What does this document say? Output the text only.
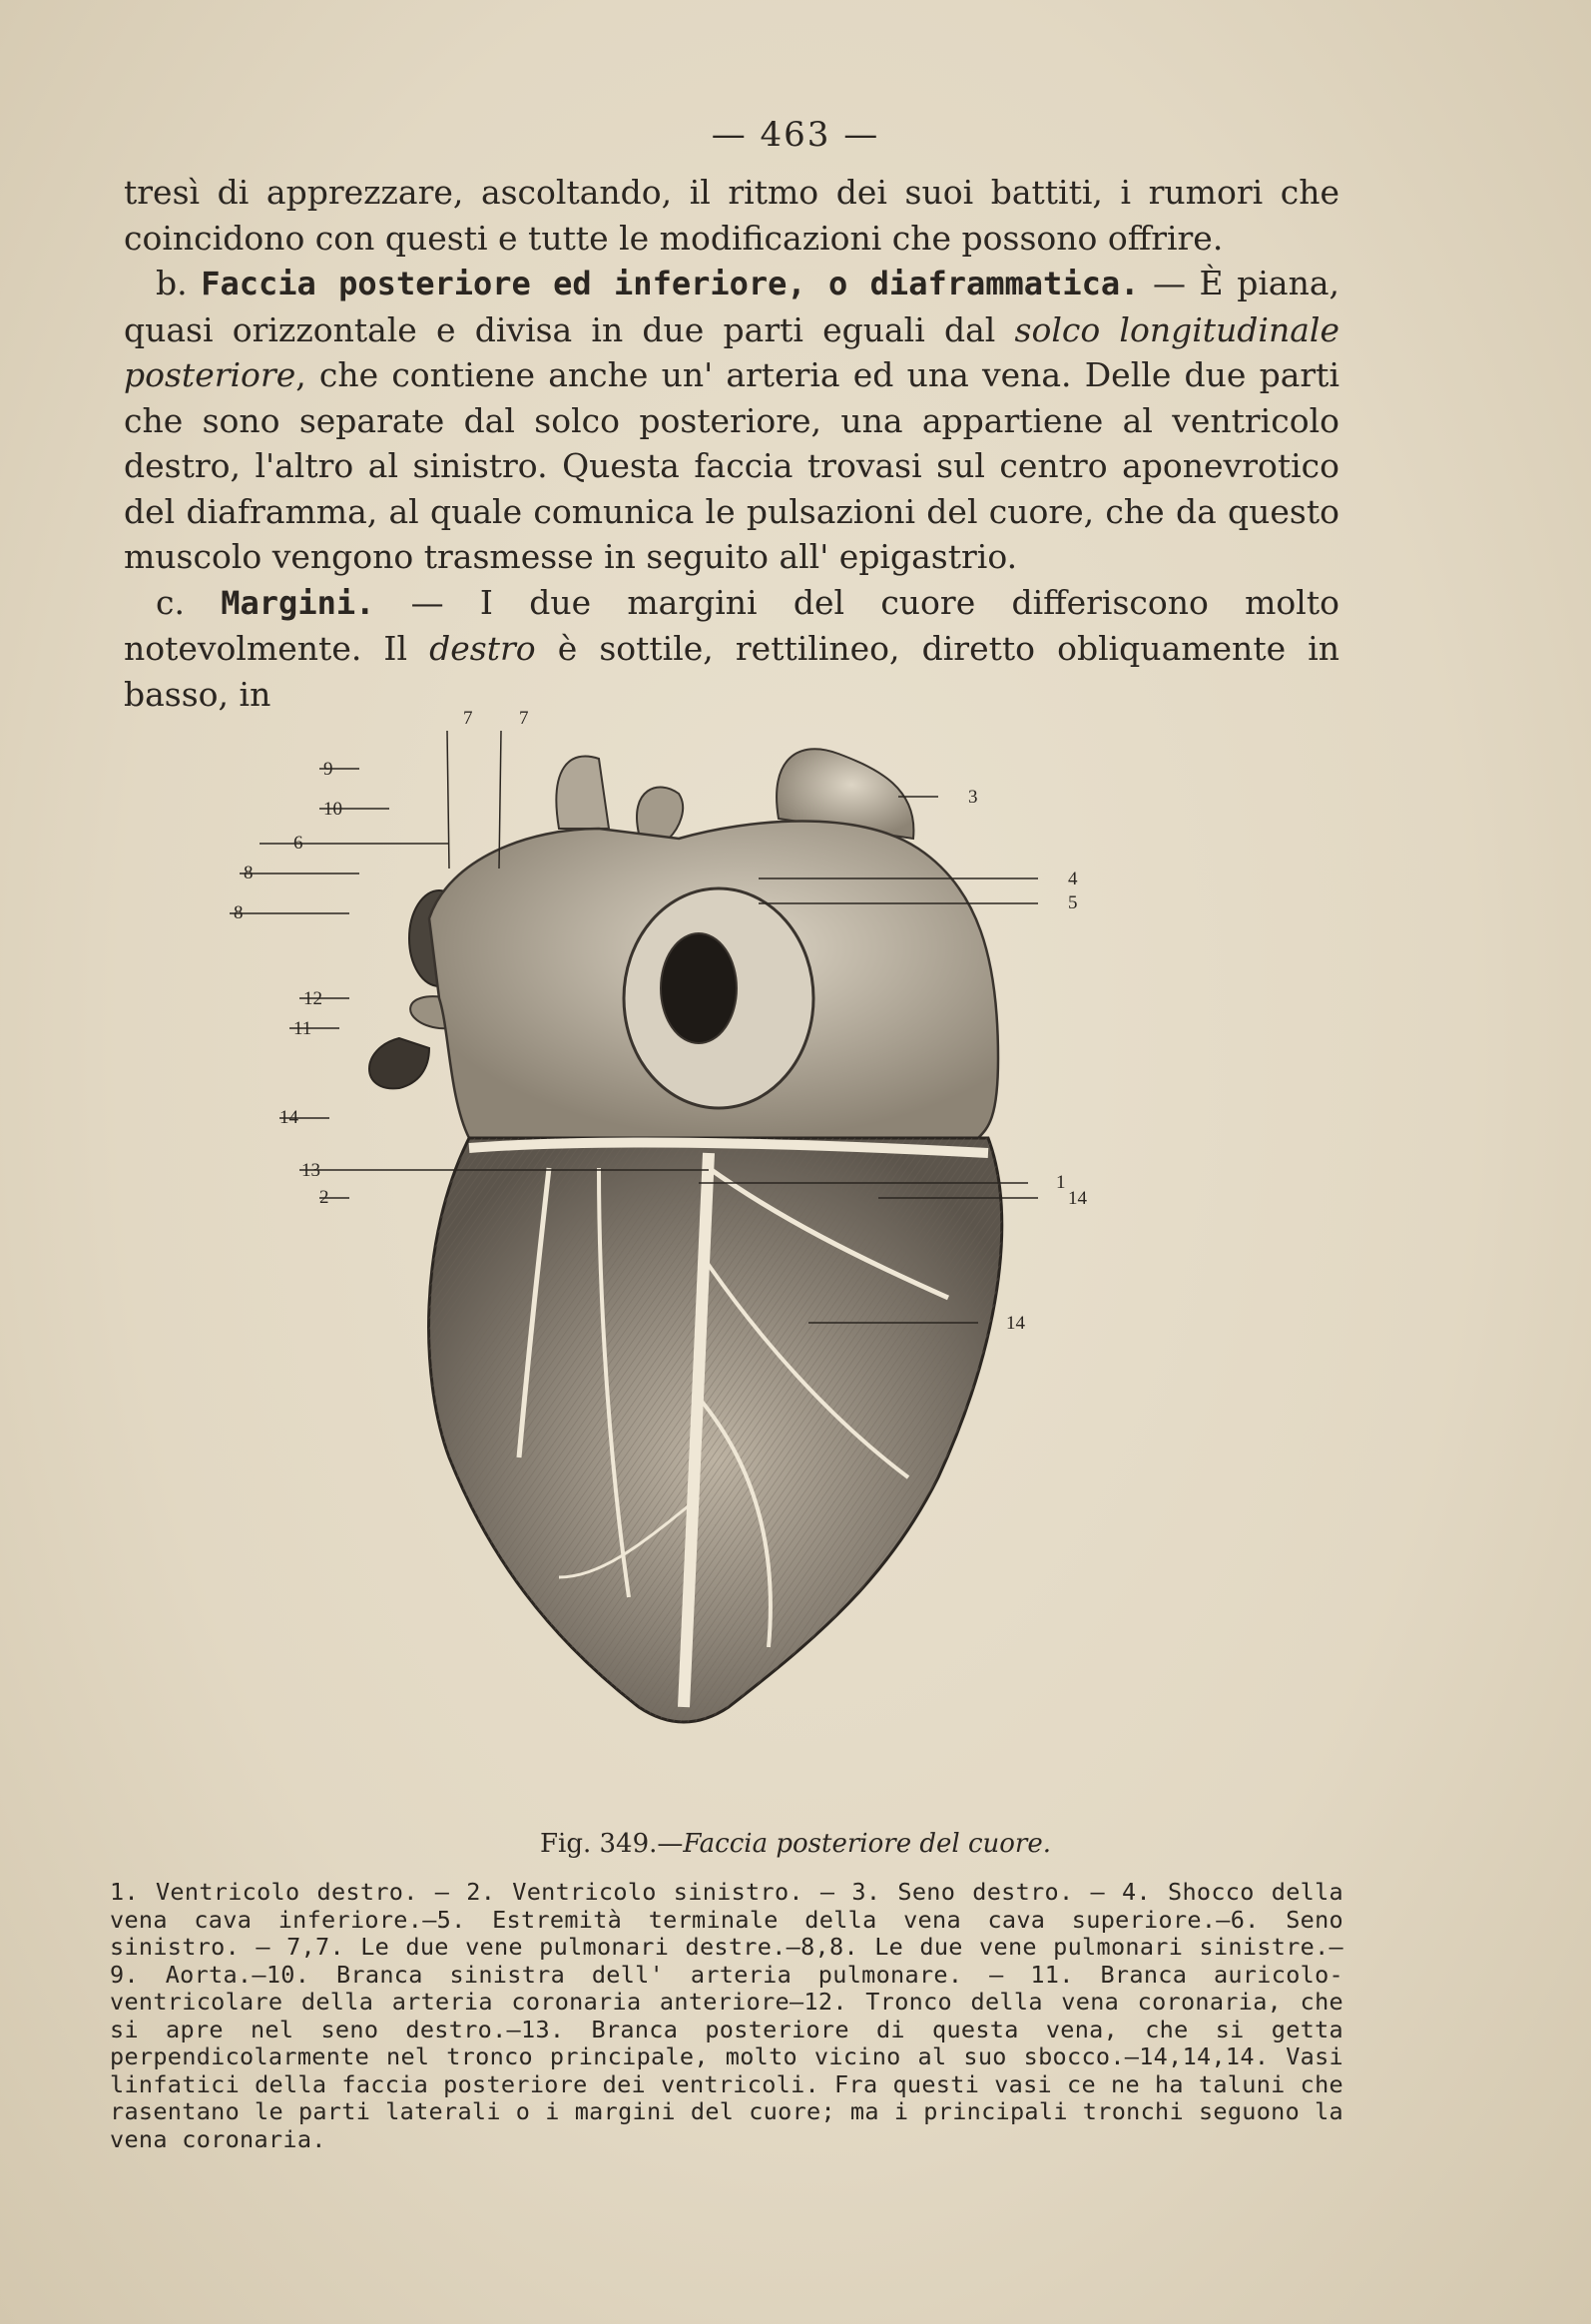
— 463 —

tresì di apprezzare, ascoltando, il ritmo dei suoi battiti, i rumori che coincidono con questi e tutte le modificazioni che possono offrire.

b. Faccia posteriore ed inferiore, o diaframmatica. — È piana, quasi orizzontale e divisa in due parti eguali dal solco longitudinale posteriore, che contiene anche un' arteria ed una vena. Delle due parti che sono separate dal solco posteriore, una appartiene al ventricolo destro, l'altro al sinistro. Questa faccia trovasi sul centro aponevrotico del diaframma, al quale comunica le pulsazioni del cuore, che da questo muscolo vengono trasmesse in seguito all' epigastrio.

c. Margini. — I due margini del cuore differiscono molto notevolmente. Il destro è sottile, rettilineo, diretto obliquamente in basso, in

7 7
9
3
10
6
4
8
5
8
12
11
14
13
1
2	14
14
Fig. 349.—Faccia posteriore del cuore.
1. Ventricolo destro. — 2. Ventricolo sinistro. — 3. Seno destro. — 4. Shocco della vena cava inferiore.—5. Estremità terminale della vena cava superiore.—6. Seno sinistro. — 7,7. Le due vene pulmonari destre.—8,8. Le due vene pulmonari sinistre.—9. Aorta.—10. Branca sinistra dell' arteria pulmonare. — 11. Branca auricolo-ventricolare della arteria coronaria anteriore—12. Tronco della vena coronaria, che si apre nel seno destro.—13. Branca posteriore di questa vena, che si getta perpendicolarmente nel tronco principale, molto vicino al suo sbocco.—14,14,14. Vasi linfatici della faccia posteriore dei ventricoli. Fra questi vasi ce ne ha taluni che rasentano le parti laterali o i margini del cuore; ma i principali tronchi seguono la vena coronaria.
